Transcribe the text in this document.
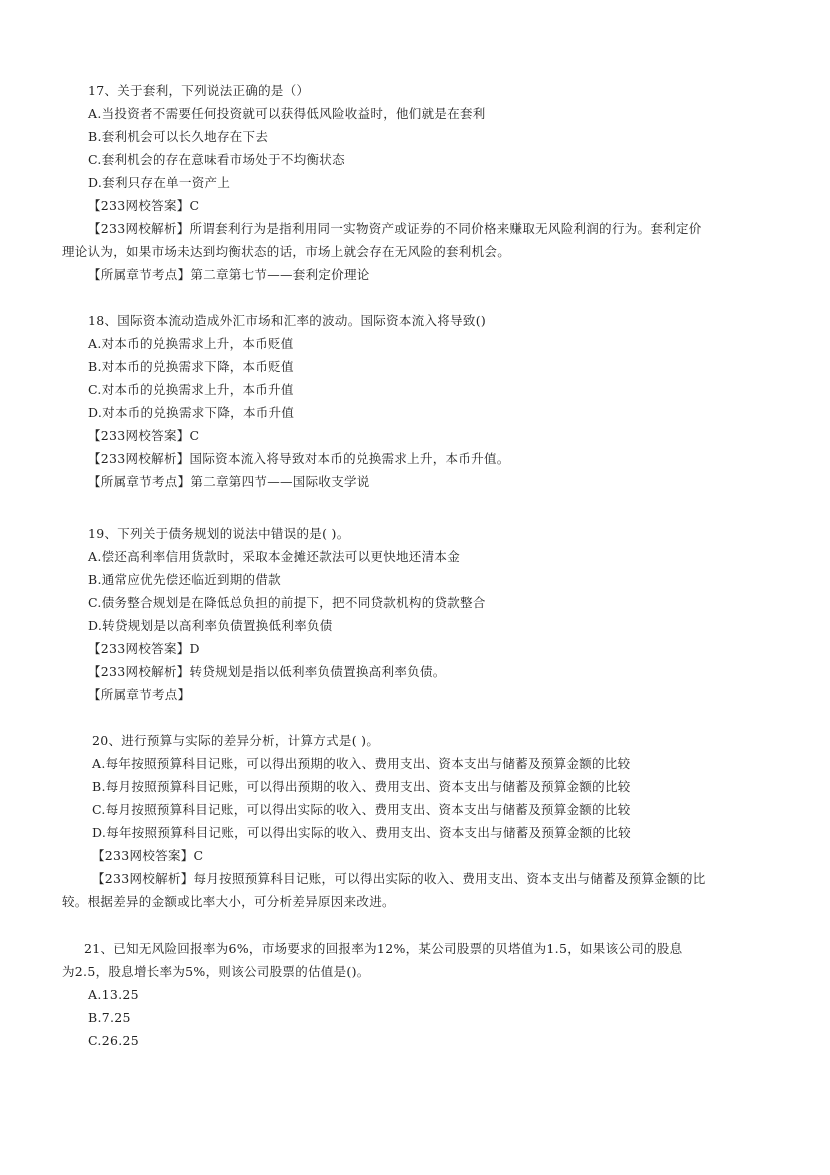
17、关于套利，下列说法正确的是（）
A.当投资者不需要任何投资就可以获得低风险收益时，他们就是在套利
B.套利机会可以长久地存在下去
C.套利机会的存在意味看市场处于不均衡状态
D.套利只存在单一资产上
【233网校答案】C
【233网校解析】所谓套利行为是指利用同一实物资产或证券的不同价格来赚取无风险利润的行为。套利定价
理论认为，如果市场未达到均衡状态的话，市场上就会存在无风险的套利机会。
【所属章节考点】第二章第七节——套利定价理论
18、国际资本流动造成外汇市场和汇率的波动。国际资本流入将导致()
A.对本币的兑换需求上升，本币贬值
B.对本币的兑换需求下降，本币贬值
C.对本币的兑换需求上升，本币升值
D.对本币的兑换需求下降，本币升值
【233网校答案】C
【233网校解析】国际资本流入将导致对本币的兑换需求上升，本币升值。
【所属章节考点】第二章第四节——国际收支学说
19、下列关于债务规划的说法中错误的是( )。
A.偿还高利率信用货款时，采取本金摊还款法可以更快地还清本金
B.通常应优先偿还临近到期的借款
C.债务整合规划是在降低总负担的前提下，把不同贷款机构的贷款整合
D.转贷规划是以高利率负债置换低利率负债
【233网校答案】D
【233网校解析】转贷规划是指以低利率负债置换高利率负债。
【所属章节考点】
20、进行预算与实际的差异分析，计算方式是( )。
A.每年按照预算科目记账，可以得出预期的收入、费用支出、资本支出与储蓄及预算金额的比较
B.每月按照预算科目记账，可以得出预期的收入、费用支出、资本支出与储蓄及预算金额的比较
C.每月按照预算科目记账，可以得出实际的收入、费用支出、资本支出与储蓄及预算金额的比较
D.每年按照预算科目记账，可以得出实际的收入、费用支出、资本支出与储蓄及预算金额的比较
【233网校答案】C
【233网校解析】每月按照预算科目记账，可以得出实际的收入、费用支出、资本支出与储蓄及预算金额的比
较。根据差异的金额或比率大小，可分析差异原因来改进。
21、已知无风险回报率为6%，市场要求的回报率为12%，某公司股票的贝塔值为1.5，如果该公司的股息
为2.5，股息增长率为5%，则该公司股票的估值是()。
A.13.25
B.7.25
C.26.25
